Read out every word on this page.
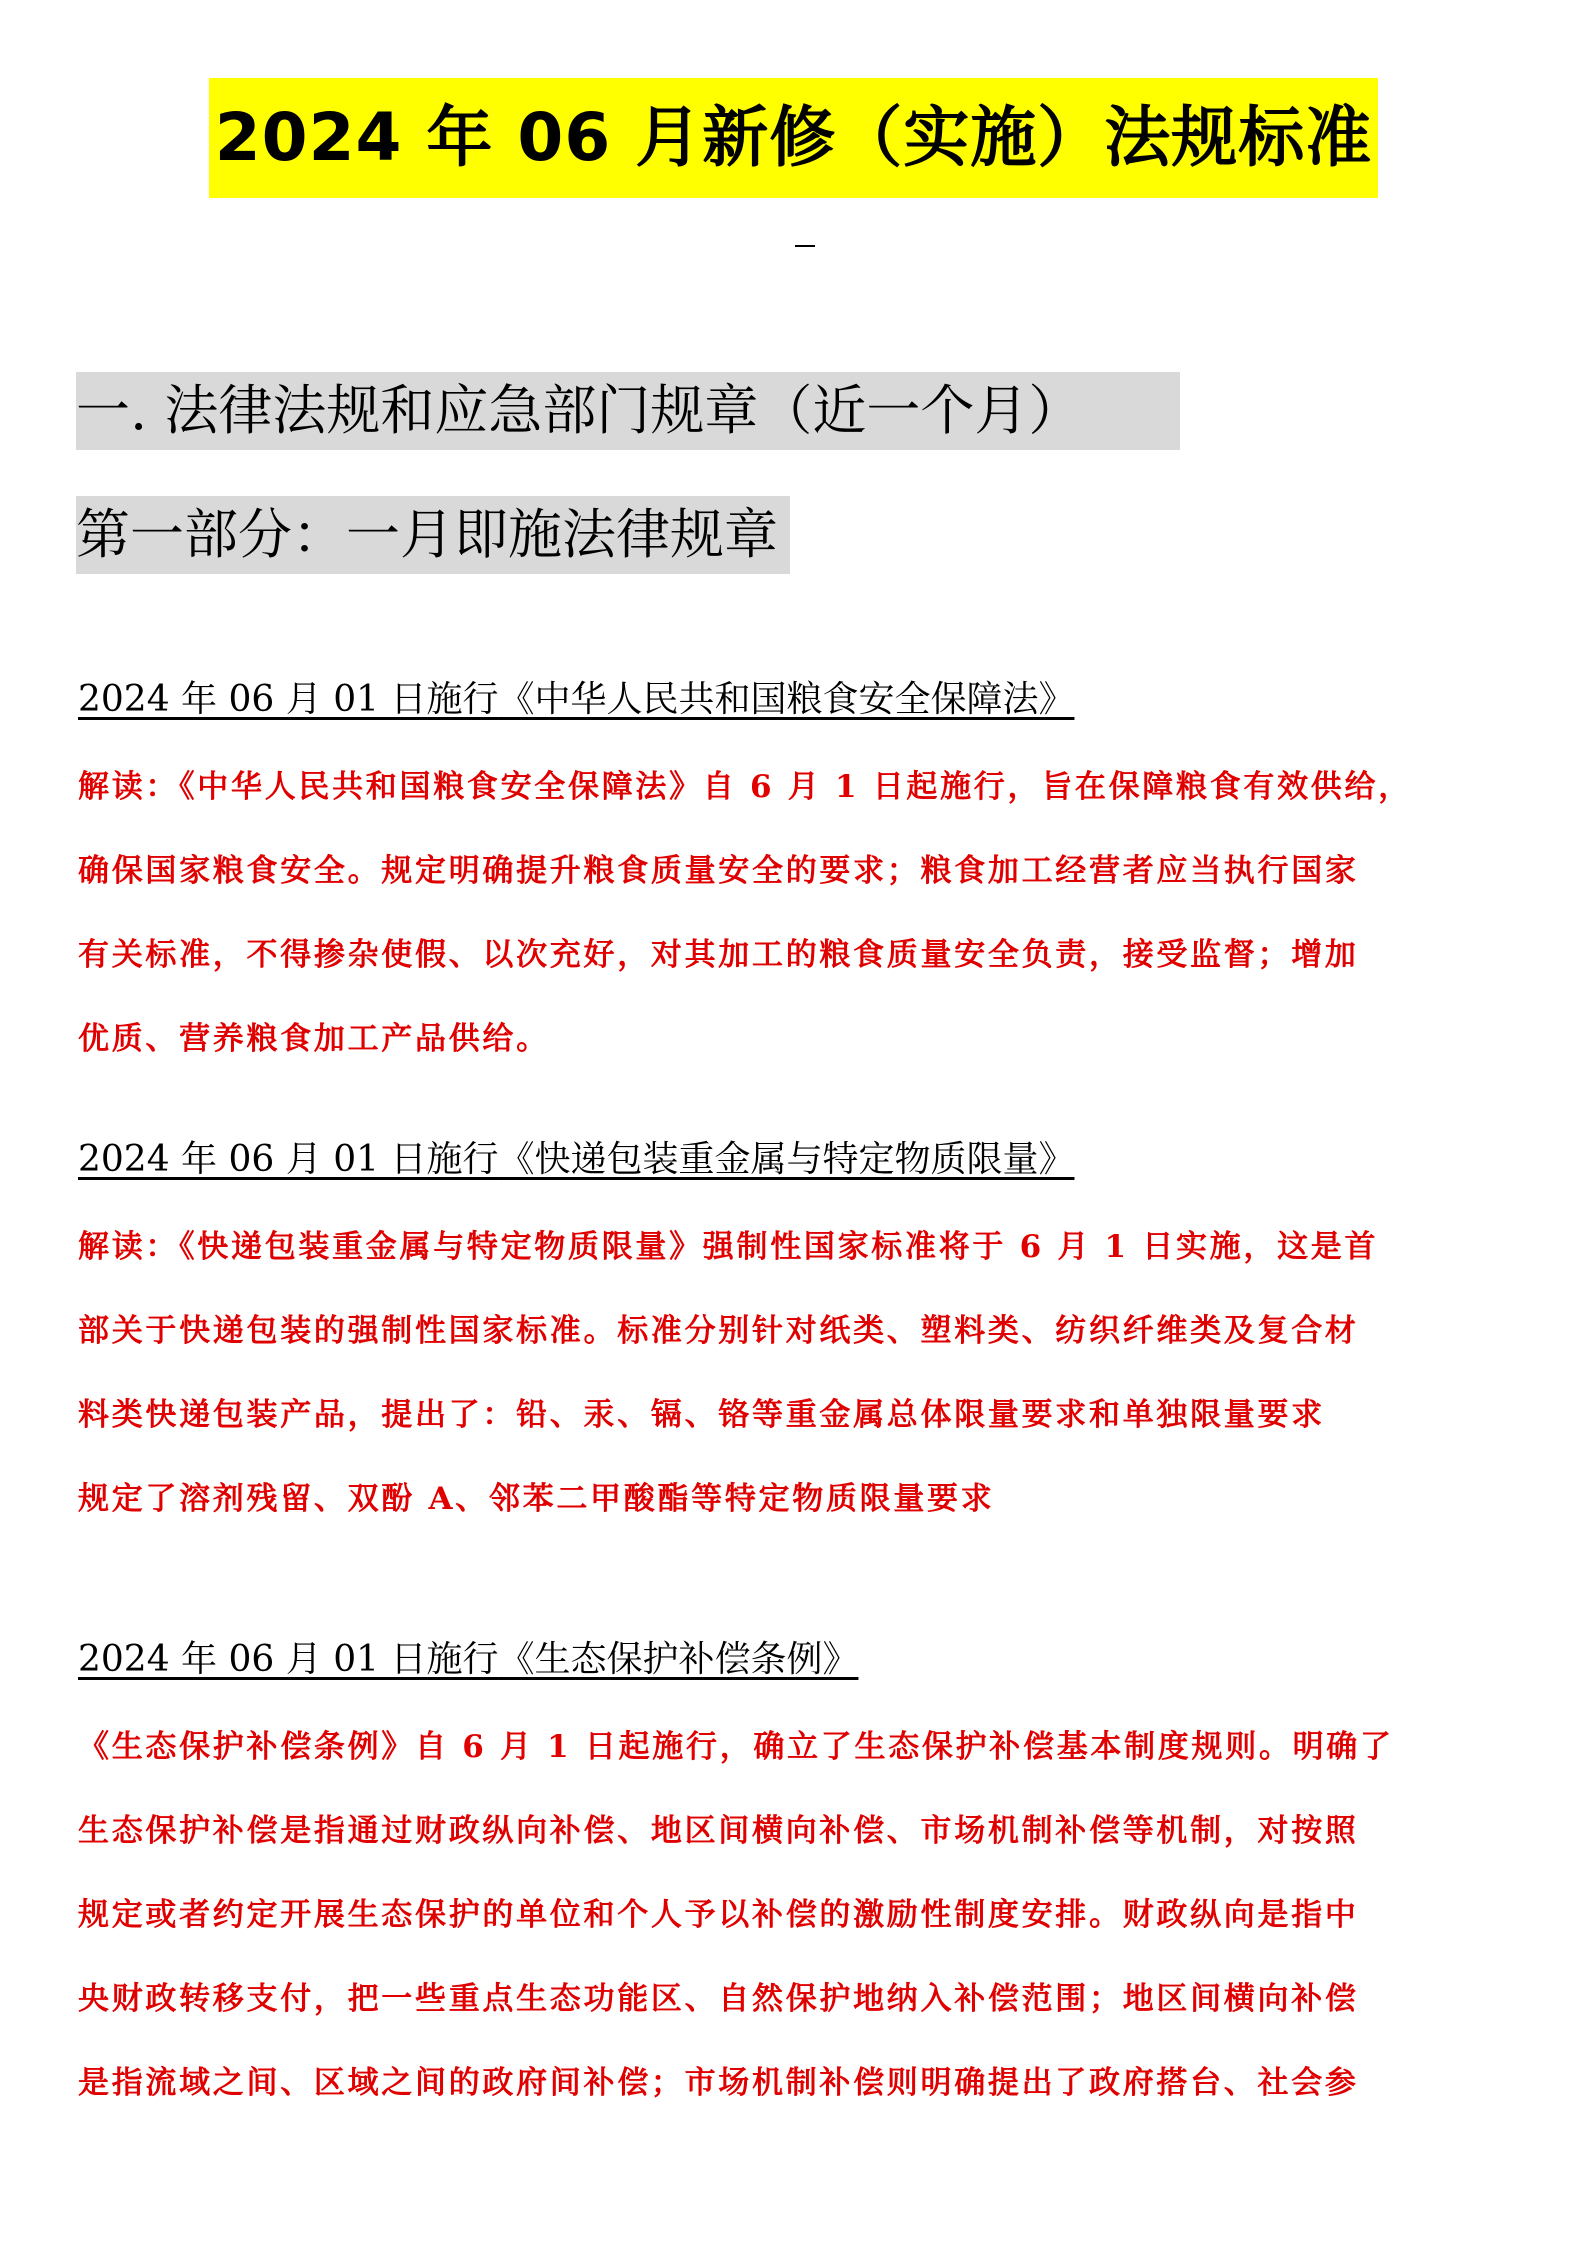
2024 年 06 月新修（实施）法规标准
一. 法律法规和应急部门规章（近一个月）
第一部分：一月即施法律规章
2024 年 06 月 01 日施行《中华人民共和国粮食安全保障法》
解读：《中华人民共和国粮食安全保障法》自 6 月 1 日起施行，旨在保障粮食有效供给，
确保国家粮食安全。规定明确提升粮食质量安全的要求；粮食加工经营者应当执行国家
有关标准，不得掺杂使假、以次充好，对其加工的粮食质量安全负责，接受监督；增加
优质、营养粮食加工产品供给。
2024 年 06 月 01 日施行《快递包装重金属与特定物质限量》
解读：《快递包装重金属与特定物质限量》强制性国家标准将于 6 月 1 日实施，这是首
部关于快递包装的强制性国家标准。标准分别针对纸类、塑料类、纺织纤维类及复合材
料类快递包装产品，提出了：铅、汞、镉、铬等重金属总体限量要求和单独限量要求
规定了溶剂残留、双酚 A、邻苯二甲酸酯等特定物质限量要求
2024 年 06 月 01 日施行《生态保护补偿条例》
《生态保护补偿条例》自 6 月 1 日起施行，确立了生态保护补偿基本制度规则。明确了
生态保护补偿是指通过财政纵向补偿、地区间横向补偿、市场机制补偿等机制，对按照
规定或者约定开展生态保护的单位和个人予以补偿的激励性制度安排。财政纵向是指中
央财政转移支付，把一些重点生态功能区、自然保护地纳入补偿范围；地区间横向补偿
是指流域之间、区域之间的政府间补偿；市场机制补偿则明确提出了政府搭台、社会参
